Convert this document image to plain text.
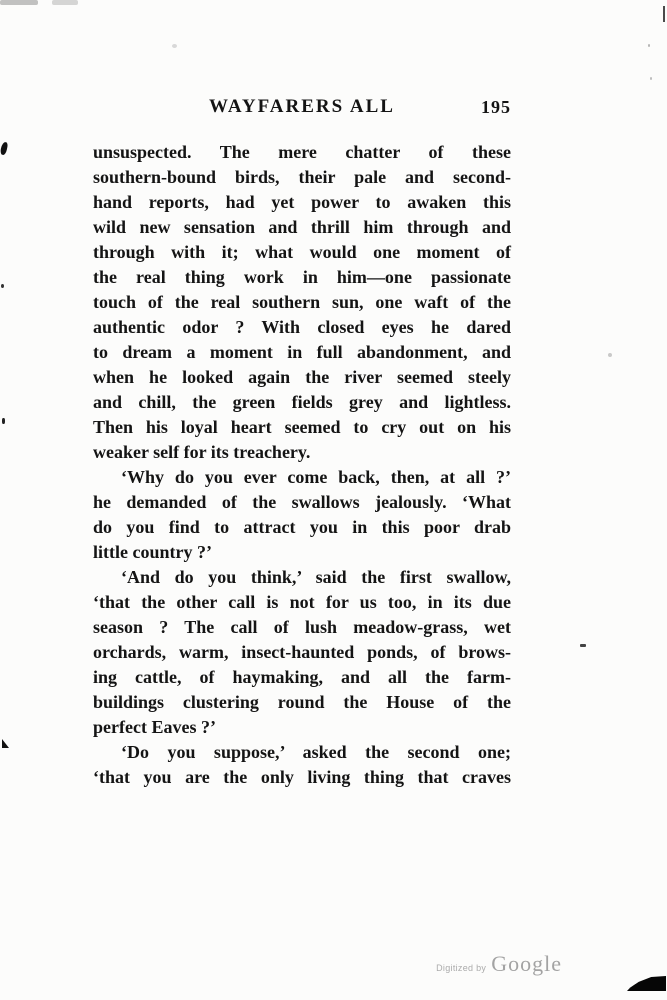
WAYFARERS ALL	195
unsuspected. The mere chatter of these
southern-bound birds, their pale and second-
hand reports, had yet power to awaken this
wild new sensation and thrill him through and
through with it; what would one moment of
the real thing work in him—one passionate
touch of the real southern sun, one waft of the
authentic odor ? With closed eyes he dared
to dream a moment in full abandonment, and
when he looked again the river seemed steely
and chill, the green fields grey and lightless.
Then his loyal heart seemed to cry out on his
weaker self for its treachery.
‘Why do you ever come back, then, at all ?’
he demanded of the swallows jealously. ‘What
do you find to attract you in this poor drab
little country ?’
‘And do you think,’ said the first swallow,
‘that the other call is not for us too, in its due
season ? The call of lush meadow-grass, wet
orchards, warm, insect-haunted ponds, of brows-
ing cattle, of haymaking, and all the farm-
buildings clustering round the House of the
perfect Eaves ?’
‘Do you suppose,’ asked the second one;
‘that you are the only living thing that craves
Digitized by Google
